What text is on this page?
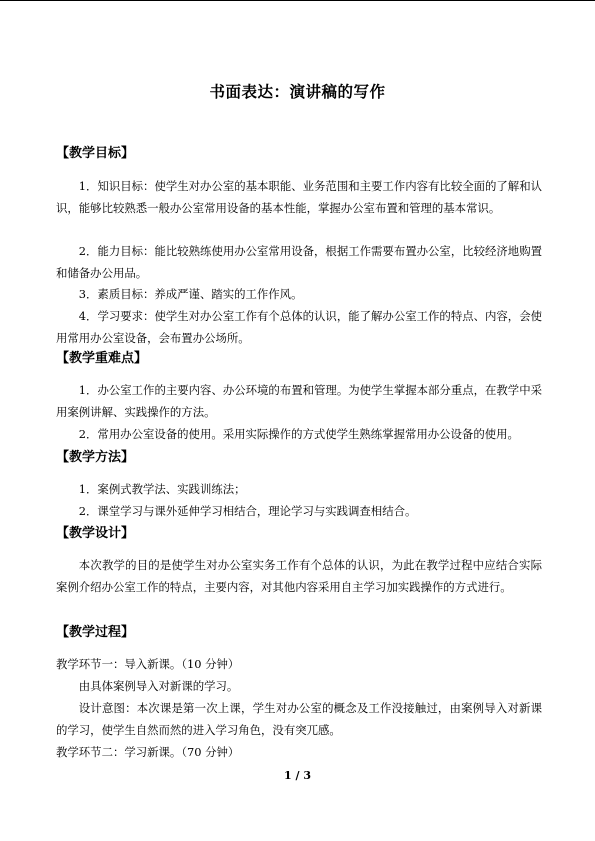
书面表达：演讲稿的写作
【教学目标】

1．知识目标：使学生对办公室的基本职能、业务范围和主要工作内容有比较全面的了解和认识，能够比较熟悉一般办公室常用设备的基本性能，掌握办公室布置和管理的基本常识。

2．能力目标：能比较熟练使用办公室常用设备，根据工作需要布置办公室，比较经济地购置和储备办公用品。

3．素质目标：养成严谨、踏实的工作作风。

4．学习要求：使学生对办公室工作有个总体的认识，能了解办公室工作的特点、内容，会使用常用办公室设备，会布置办公场所。

【教学重难点】

1．办公室工作的主要内容、办公环境的布置和管理。为使学生掌握本部分重点，在教学中采用案例讲解、实践操作的方法。

2．常用办公室设备的使用。采用实际操作的方式使学生熟练掌握常用办公设备的使用。

【教学方法】

1．案例式教学法、实践训练法；

2．课堂学习与课外延伸学习相结合，理论学习与实践调查相结合。

【教学设计】

本次教学的目的是使学生对办公室实务工作有个总体的认识，为此在教学过程中应结合实际案例介绍办公室工作的特点，主要内容，对其他内容采用自主学习加实践操作的方式进行。

【教学过程】

教学环节一：导入新课。（10 分钟）

由具体案例导入对新课的学习。

设计意图：本次课是第一次上课，学生对办公室的概念及工作没接触过，由案例导入对新课的学习，使学生自然而然的进入学习角色，没有突兀感。

教学环节二：学习新课。（70 分钟）

1 / 3
